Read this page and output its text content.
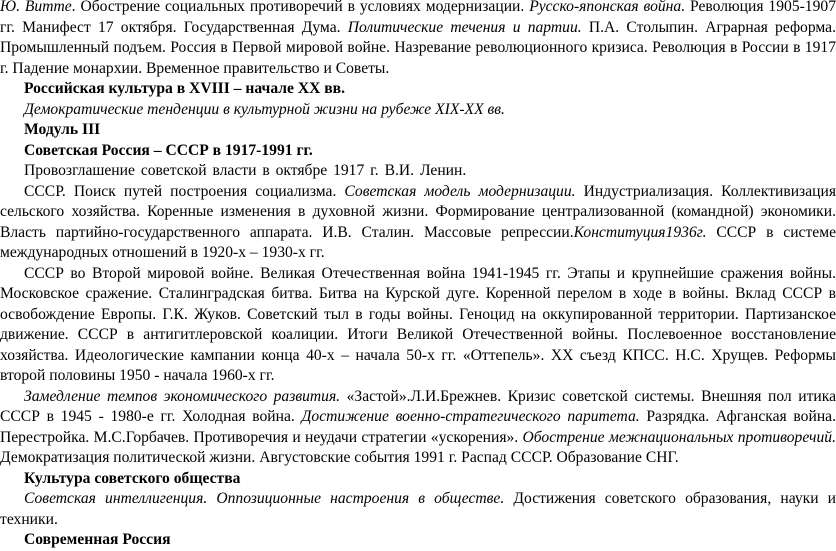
Ю. Витте. Обострение социальных противоречий в условиях модернизации. Русско-японская война. Революция 1905-1907 гг. Манифест 17 октября. Государственная Дума. Политические течения и партии. П.А. Столыпин. Аграрная реформа. Промышленный подъем. Россия в Первой мировой войне. Назревание революционного кризиса. Революция в России в 1917 г. Падение монархии. Временное правительство и Советы.

Российская культура в XVIII – начале XX вв.

Демократические тенденции в культурной жизни на рубеже XIX-XX вв.

Модуль III

Советская Россия – СССР в 1917-1991 гг.

Провозглашение советской власти в октябре 1917 г. В.И. Ленин.

СССР. Поиск путей построения социализма. Советская модель модернизации. Индустриализация. Коллективизация сельского хозяйства. Коренные изменения в духовной жизни. Формирование централизованной (командной) экономики. Власть партийно-государственного аппарата. И.В. Сталин. Массовые репрессии.Конституция1936г. СССР в системе международных отношений в 1920-х – 1930-х гг.

СССР во Второй мировой войне. Великая Отечественная война 1941-1945 гг. Этапы и крупнейшие сражения войны. Московское сражение. Сталинградская битва. Битва на Курской дуге. Коренной перелом в ходе в войны. Вклад СССР в освобождение Европы. Г.К. Жуков. Советский тыл в годы войны. Геноцид на оккупированной территории. Партизанское движение. СССР в антигитлеровской коалиции. Итоги Великой Отечественной войны. Послевоенное восстановление хозяйства. Идеологические кампании конца 40-х – начала 50-х гг. «Оттепель». XX съезд КПСС. Н.С. Хрущев. Реформы второй половины 1950 - начала 1960-х гг.

Замедление темпов экономического развития. «Застой».Л.И.Брежнев. Кризис советской системы. Внешняя пол итика СССР в 1945 - 1980-е гг. Холодная война. Достижение военно-стратегического паритета. Разрядка. Афганская война. Перестройка. М.С.Горбачев. Противоречия и неудачи стратегии «ускорения». Обострение межнациональных противоречий. Демократизация политической жизни. Августовские события 1991 г. Распад СССР. Образование СНГ.

Культура советского общества

Советская интеллигенция. Оппозиционные настроения в обществе. Достижения советского образования, науки и техники.

Современная Россия
